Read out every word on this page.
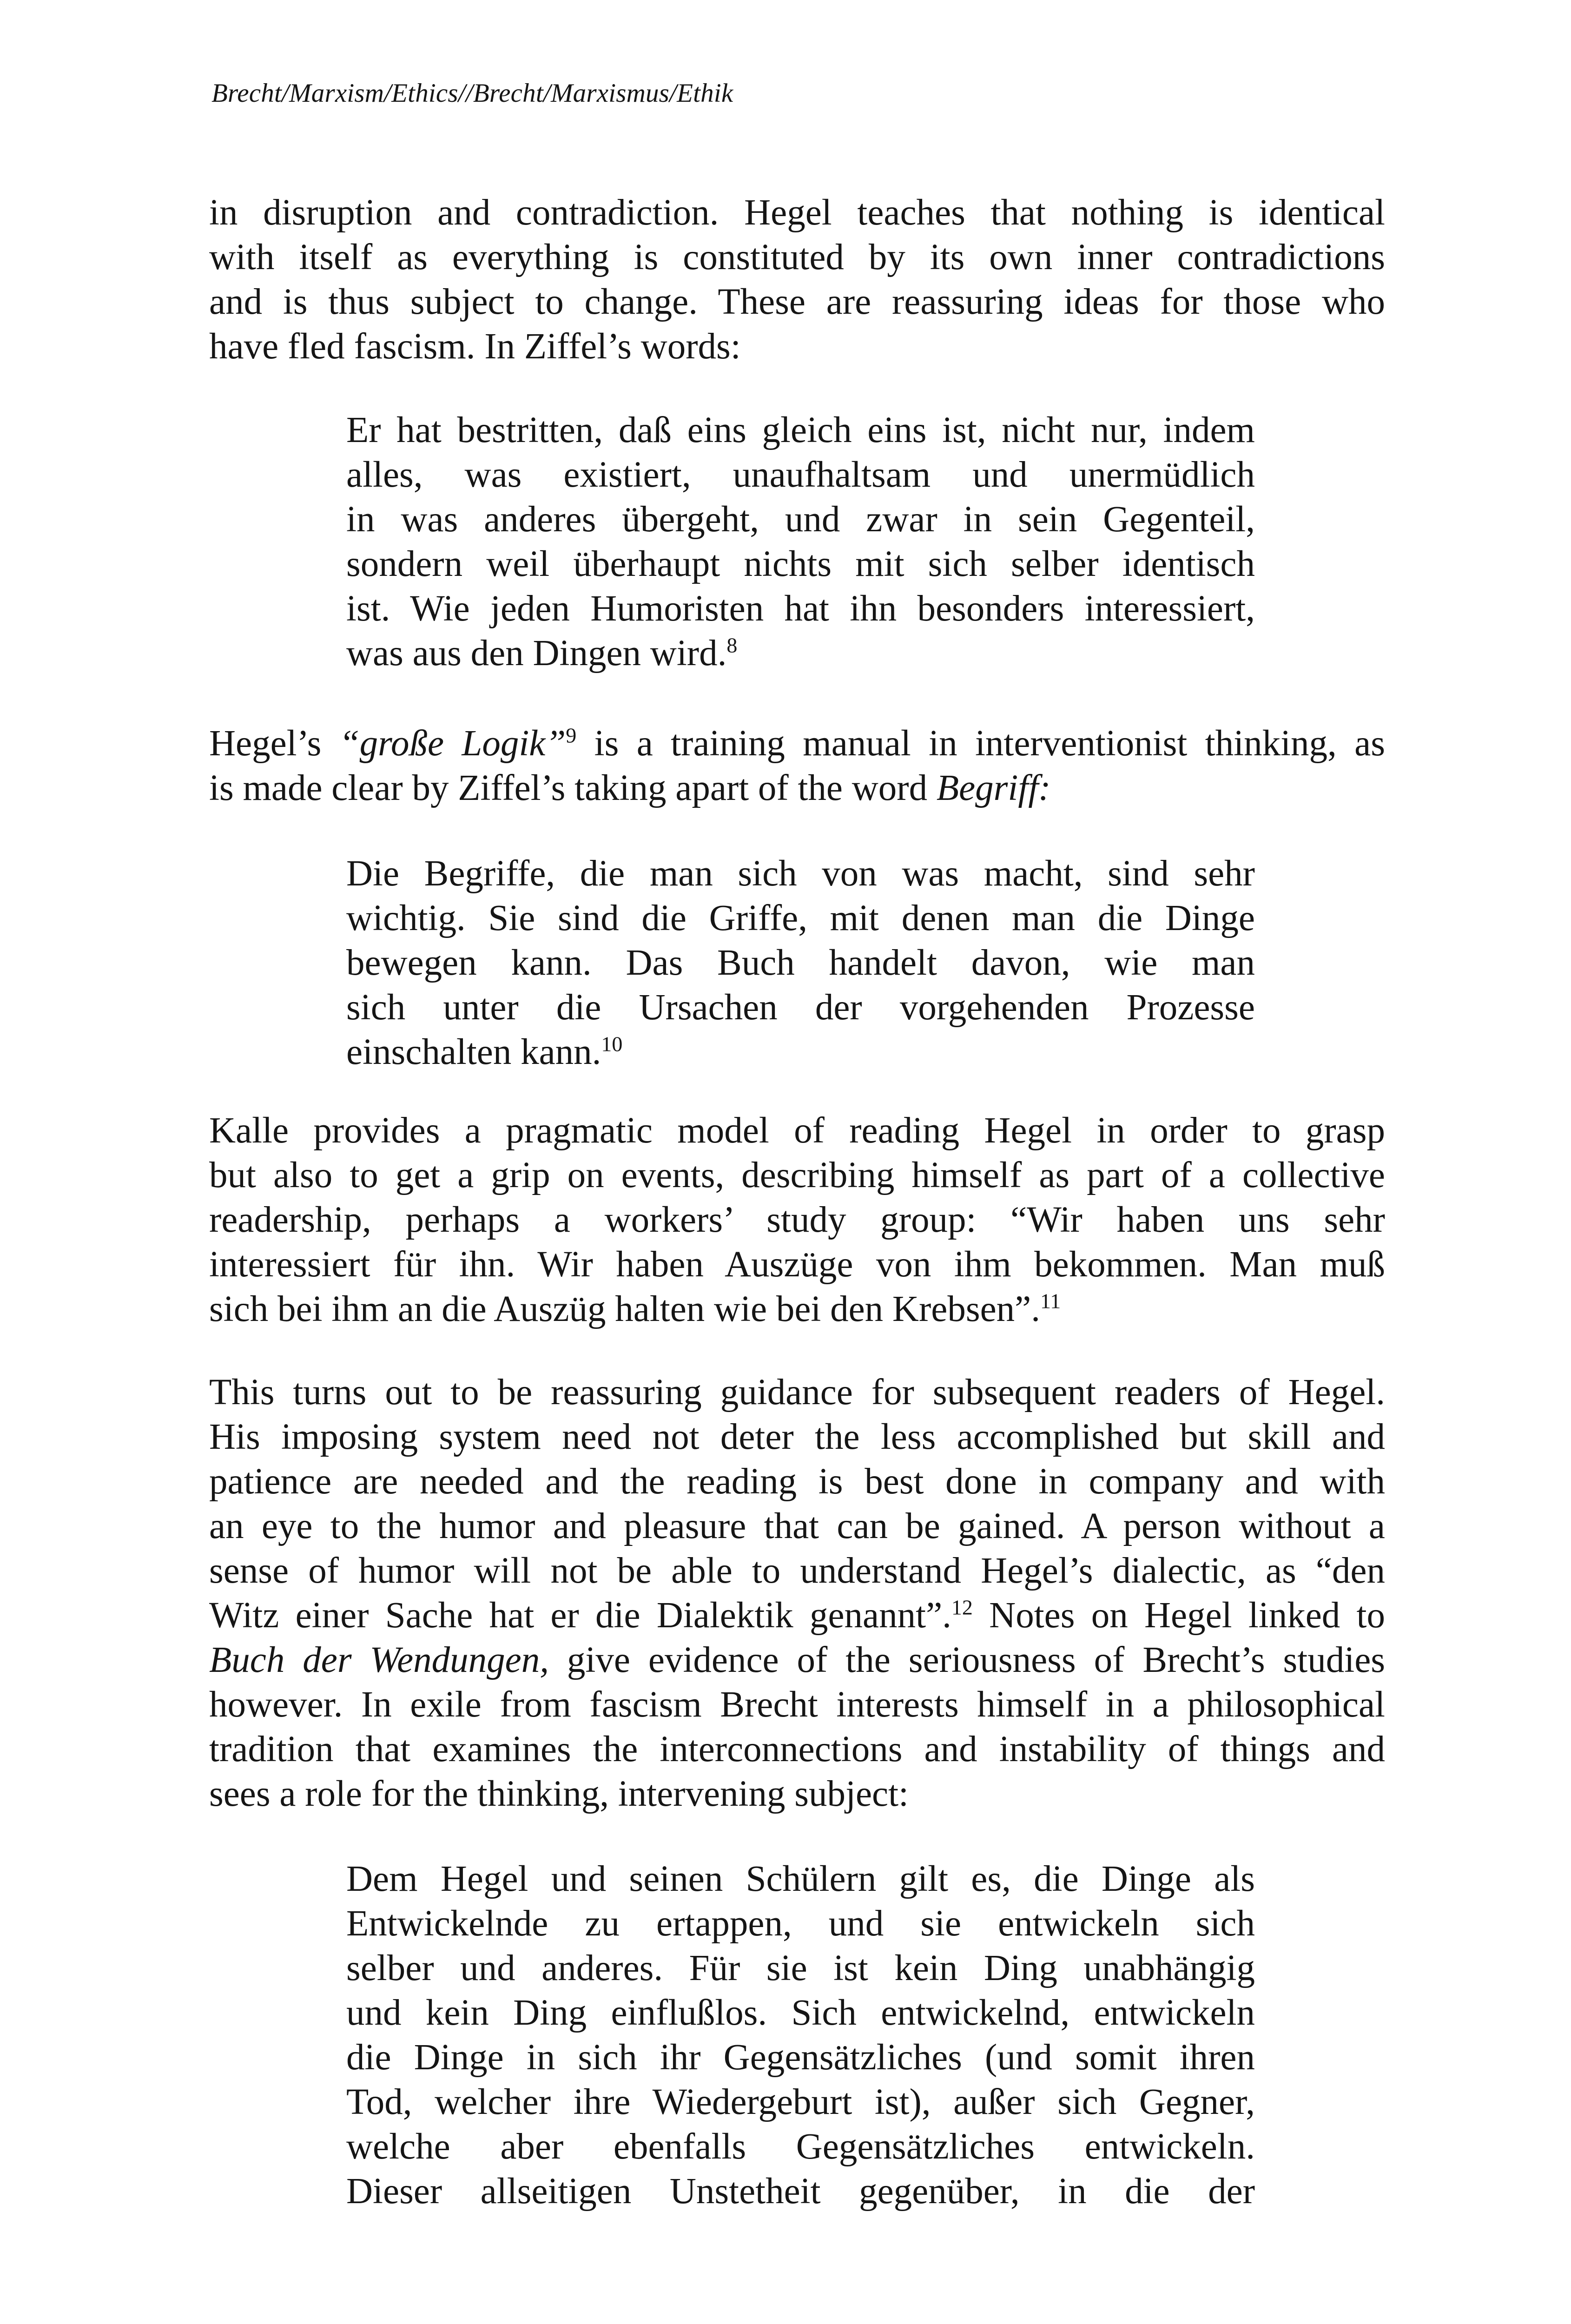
Brecht/Marxism/Ethics//Brecht/Marxismus/Ethik

in disruption and contradiction. Hegel teaches that nothing is identical
with itself as everything is constituted by its own inner contradictions
and is thus subject to change. These are reassuring ideas for those who
have fled fascism. In Ziffel’s words:

Er hat bestritten, daß eins gleich eins ist, nicht nur, indem
alles, was existiert, unaufhaltsam und unermüdlich
in was anderes übergeht, und zwar in sein Gegenteil,
sondern weil überhaupt nichts mit sich selber identisch
ist. Wie jeden Humoristen hat ihn besonders interessiert,
was aus den Dingen wird.$^8$

Hegel’s “große Logik”$^9$ is a training manual in interventionist thinking, as
is made clear by Ziffel’s taking apart of the word Begriff:

Die Begriffe, die man sich von was macht, sind sehr
wichtig. Sie sind die Griffe, mit denen man die Dinge
bewegen kann. Das Buch handelt davon, wie man
sich unter die Ursachen der vorgehenden Prozesse
einschalten kann.$^{10}$

Kalle provides a pragmatic model of reading Hegel in order to grasp
but also to get a grip on events, describing himself as part of a collective
readership, perhaps a workers’ study group: “Wir haben uns sehr
interessiert für ihn. Wir haben Auszüge von ihm bekommen. Man muß
sich bei ihm an die Auszüg halten wie bei den Krebsen”.$^{11}$

This turns out to be reassuring guidance for subsequent readers of Hegel.
His imposing system need not deter the less accomplished but skill and
patience are needed and the reading is best done in company and with
an eye to the humor and pleasure that can be gained. A person without a
sense of humor will not be able to understand Hegel’s dialectic, as “den
Witz einer Sache hat er die Dialektik genannt”.$^{12}$ Notes on Hegel linked to
Buch der Wendungen, give evidence of the seriousness of Brecht’s studies
however. In exile from fascism Brecht interests himself in a philosophical
tradition that examines the interconnections and instability of things and
sees a role for the thinking, intervening subject:

Dem Hegel und seinen Schülern gilt es, die Dinge als
Entwickelnde zu ertappen, und sie entwickeln sich
selber und anderes. Für sie ist kein Ding unabhängig
und kein Ding einflußlos. Sich entwickelnd, entwickeln
die Dinge in sich ihr Gegensätzliches (und somit ihren
Tod, welcher ihre Wiedergeburt ist), außer sich Gegner,
welche aber ebenfalls Gegensätzliches entwickeln.
Dieser allseitigen Unstetheit gegenüber, in die der
